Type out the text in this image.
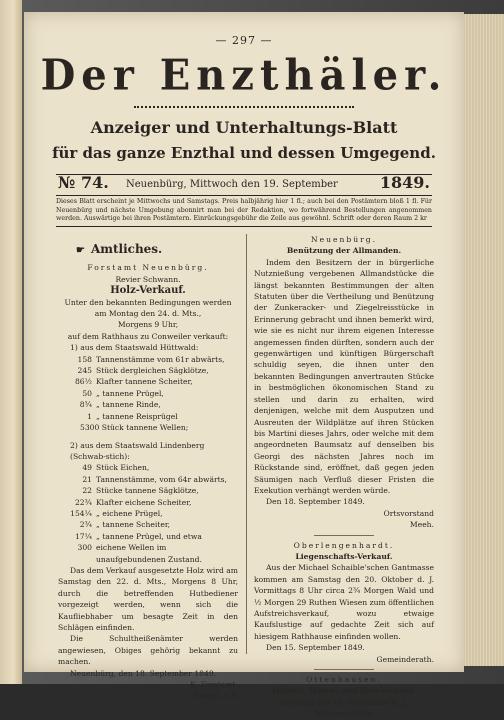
— 297 —
Der Enzthäler.
Anzeiger und Unterhaltungs-Blatt
für das ganze Enzthal und dessen Umgegend.
№ 74. Neuenbürg, Mittwoch den 19. September	1849.
Dieses Blatt erscheint je Mittwochs und Samstags. Preis halbjährig hier 1 fl.; auch bei den Postämtern bloß 1 fl. Für Neuenbürg und nächste Umgebung abonnirt man bei der Redaktion, wo fortwährend Bestellungen angenommen werden. Auswärtige bei ihren Postämtern. Einrückungsgebühr die Zeile aus gewöhnl. Schrift oder deren Raum 2 kr
☛ Amtliches.
Forstamt Neuenbürg.
Revier Schwann.
Holz-Verkauf.
Unter den bekannten Bedingungen werden
am Montag den 24. d. Mts.,
Morgens 9 Uhr,
auf dem Rathhaus zu Conweiler verkauft:
1) aus dem Staatswald Hüttwald:
158 Tannenstämme vom 61r abwärts,
245 Stück dergleichen Sägklötze,
86½ Klafter tannene Scheiter,
50 „ tannene Prügel,
8¾ „ tannene Rinde,
1 „ tannene Reisprügel
5300 Stück tannene Wellen;
2) aus dem Staatswald Lindenberg (Schwab-stich):
49 Stück Eichen,
21 Tannenstämme, vom 64r abwärts,
22 Stücke tannene Sägklötze,
22¾ Klafter eichene Scheiter,
154¼ „ eichene Prügel,
2¾ „ tannene Scheiter,
17¼ „ tannene Prügel, und etwa
300 eichene Wellen im unaufgebundenen Zustand.
Das dem Verkauf ausgesetzte Holz wird am Samstag den 22. d. Mts., Morgens 8 Uhr, durch die betreffenden Hutbediener vorgezeigt werden, wenn sich die Kaufliebhaber um besagte Zeit in den Schlägen einfinden.
Die Schultheißenämter werden angewiesen, Obiges gehörig bekannt zu machen.
Neuenbürg, den 18. September 1849.
K. Forstamt.
Riegel, A.V.
Neuenbürg.
Benützung der Allmanden.
Indem den Besitzern der in bürgerliche Nutznießung vergebenen Allmandstücke die längst bekannten Bestimmungen der alten Statuten über die Vertheilung und Benützung der Zunkeracker- und Ziegelreisstücke in Erinnerung gebracht und ihnen bemerkt wird, wie sie es nicht nur ihrem eigenen Interesse angemessen finden dürften, sondern auch der gegenwärtigen und künftigen Bürgerschaft schuldig seyen, die ihnen unter den bekannten Bedingungen anvertrauten Stücke in bestmöglichen ökonomischen Stand zu stellen und darin zu erhalten, wird denjenigen, welche mit dem Ausputzen und Ausreuten der Wildplätze auf ihren Stücken bis Martini dieses Jahrs, oder welche mit dem angeordneten Baumsatz auf denselben bis Georgi des nächsten Jahres noch im Rückstande sind, eröffnet, daß gegen jeden Säumigen nach Verfluß dieser Fristen die Exekution verhängt werden würde.
Den 18. September 1849.
Ortsvorstand
Meeh.
Oberlengenhardt.
Liegenschafts-Verkauf.
Aus der Michael Schaible'schen Gantmasse kommen am Samstag den 20. Oktober d. J. Vormittags 8 Uhr circa 2¾ Morgen Wald und ½ Morgen 29 Ruthen Wiesen zum öffentlichen Aufstreichsverkauf, wozu etwaige Kaufslustige auf gedachte Zeit sich auf hiesigem Rathhause einfinden wollen.
Den 15. September 1849.
Gemeinderath.
Ottenhausen.
Dinkel-, Haber- und Heu-Verkauf.
Dienstag den 25. September d. J.,
Morgens 9 Uhr
